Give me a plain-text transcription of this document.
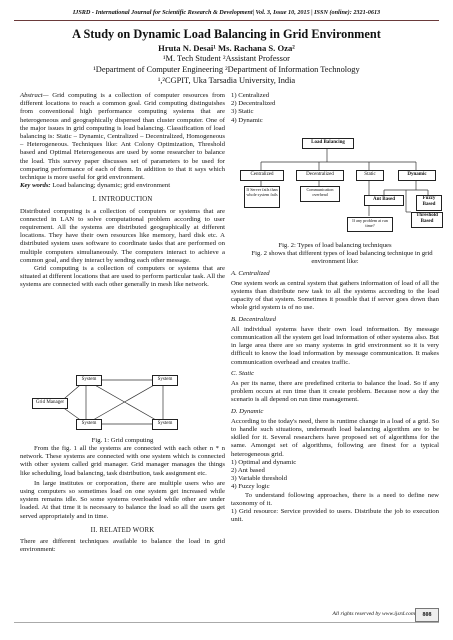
IJSRD - International Journal for Scientific Research & Development| Vol. 3, Issue 10, 2015 | ISSN (online): 2321-0613
A Study on Dynamic Load Balancing in Grid Environment
Hruta N. Desai¹ Ms. Rachana S. Oza²
¹M. Tech Student ²Assistant Professor
¹Department of Computer Engineering ²Department of Information Technology
¹,²CGPIT, Uka Tarsadia University, India

Abstract— Grid computing is a collection of computer resources from different locations to reach a common goal. Grid computing distinguishes from conventional high performance computing systems that are heterogeneous and geographically dispersed than cluster computer. One of the major issues in grid computing is load balancing. Classification of load balancing is: Static – Dynamic, Centralized – Decentralized, Homogeneous – Heterogeneous. Techniques like: Ant Colony Optimization, Threshold based and Optimal Heterogeneous are used by some researcher to balance the load. This survey paper discusses set of parameters to be used for comparing performance of each of them. In addition to that it says which technique is more useful for grid environment.

Key words: Load balancing; dynamic; grid environment

I. INTRODUCTION

Distributed computing is a collection of computers or systems that are connected in LAN to solve computational problem according to user requirement. All the systems are distributed geographically at different locations. They have their own resources like memory, hard disk etc. A distributed system uses software to coordinate tasks that are performed on multiple computers simultaneously. The computers interact to achieve a common goal, and they interact by sending each other message.

Grid computing is a collection of computers or systems that are situated at different locations that are used to perform particular task. All the systems are connected with each other generally in mesh like network.

Grid Manager
System	System
System	System
Fig. 1: Grid computing

From the fig. 1 all the systems are connected with each other n * n network. These systems are connected with one system which is connected with other system called grid manager. Grid manager manages the things like scheduling, load balancing, task distribution, task assignment etc.

In large institutes or corporation, there are multiple users who are using computers so sometimes load on one system get increased while system remains idle. So some systems overloaded while other are under loaded. At that time it is necessary to balance the load so all the users get served appropriately and in time.

II. RELATED WORK

There are different techniques available to balance the load in grid environment:

1) Centralized
2) Decentralized
3) Static
4) Dynamic
Load Balancing
Centralized	Decentralized	Static	Dynamic
If Server fails than whole system fails
Communication overhead
If any problem at run time?
Ant Based	Fuzzy Based
Threshold Based
Fig. 2: Types of load balancing techniques

Fig. 2 shows that different types of load balancing technique in grid environment like:

A. Centralized

One system work as central system that gathers information of load of all the systems than distribute new task to all the systems according to the load capacity of that system. Sometimes it possible that if server goes down than whole grid system is of no use.

B. Decentralized

All individual systems have their own load information. By message communication all the system get load information of other systems also. But in large area there are so many systems in grid environment so it is very difficult to know the load information by message communication. It makes communication overhead and creates traffic.

C. Static

As per its name, there are predefined criteria to balance the load. So if any problem occurs at run time than it create problem. Because now a day the scenario is all depend on run time management.

D. Dynamic

According to the today's need, there is runtime change in a load of a grid. So to handle such situations, underneath load balancing algorithm are to be skilled for it. Several researchers have proposed set of algorithms for the same. Amongst set of algorithms, following are finest for a typical heterogeneous grid.

1) Optimal and dynamic
2) Ant based
3) Variable threshold
4) Fuzzy logic

To understand following approaches, there is a need to define new taxonomy of it.

1) Grid resource: Service provided to users. Distribute the job to execution unit.

All rights reserved by www.ijsrd.com	808
